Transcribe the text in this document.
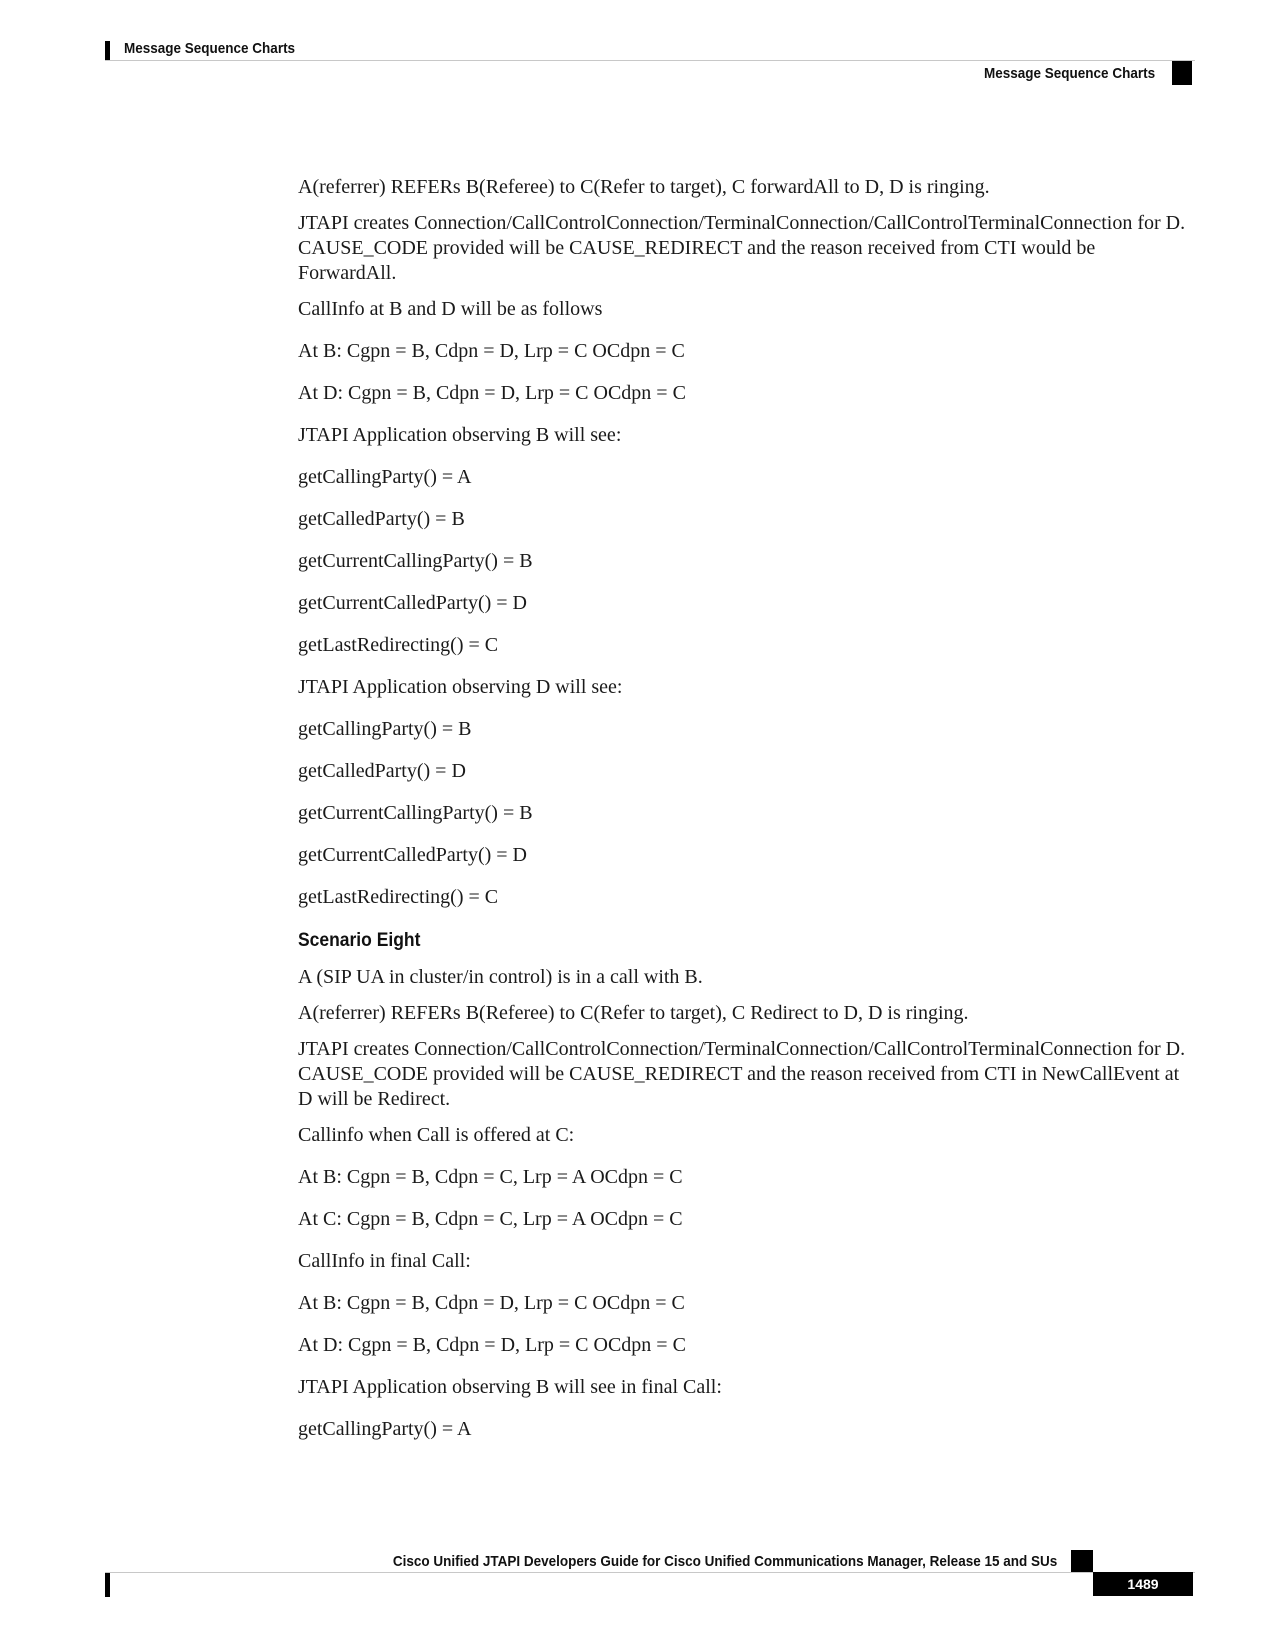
Message Sequence Charts
Message Sequence Charts

A(referrer) REFERs B(Referee) to C(Refer to target), C forwardAll to D, D is ringing.

JTAPI creates Connection/CallControlConnection/TerminalConnection/CallControlTerminalConnection for D. CAUSE_CODE provided will be CAUSE_REDIRECT and the reason received from CTI would be ForwardAll.

CallInfo at B and D will be as follows

At B: Cgpn = B, Cdpn = D, Lrp = C OCdpn = C

At D: Cgpn = B, Cdpn = D, Lrp = C OCdpn = C

JTAPI Application observing B will see:

getCallingParty() = A

getCalledParty() = B

getCurrentCallingParty() = B

getCurrentCalledParty() = D

getLastRedirecting() = C

JTAPI Application observing D will see:

getCallingParty() = B

getCalledParty() = D

getCurrentCallingParty() = B

getCurrentCalledParty() = D

getLastRedirecting() = C

Scenario Eight

A (SIP UA in cluster/in control) is in a call with B.

A(referrer) REFERs B(Referee) to C(Refer to target), C Redirect to D, D is ringing.

JTAPI creates Connection/CallControlConnection/TerminalConnection/CallControlTerminalConnection for D. CAUSE_CODE provided will be CAUSE_REDIRECT and the reason received from CTI in NewCallEvent at D will be Redirect.

Callinfo when Call is offered at C:

At B: Cgpn = B, Cdpn = C, Lrp = A OCdpn = C

At C: Cgpn = B, Cdpn = C, Lrp = A OCdpn = C

CallInfo in final Call:

At B: Cgpn = B, Cdpn = D, Lrp = C OCdpn = C

At D: Cgpn = B, Cdpn = D, Lrp = C OCdpn = C

JTAPI Application observing B will see in final Call:

getCallingParty() = A

Cisco Unified JTAPI Developers Guide for Cisco Unified Communications Manager, Release 15 and SUs
1489
